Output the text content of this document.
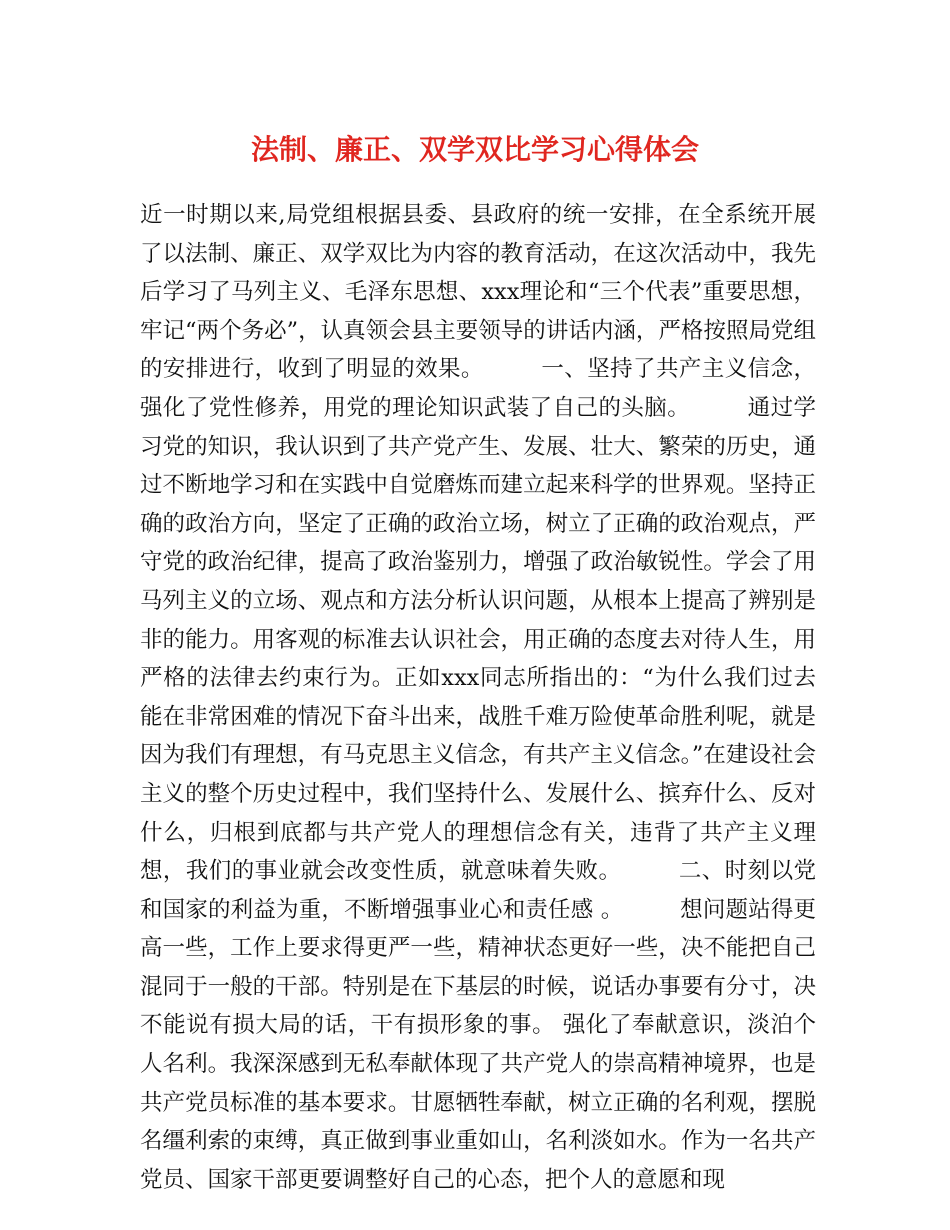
法制、廉正、双学双比学习心得体会

近一时期以来,局党组根据县委、县政府的统一安排，在全系统开展了以法制、廉正、双学双比为内容的教育活动，在这次活动中，我先后学习了马列主义、毛泽东思想、xxx理论和“三个代表”重要思想，牢记“两个务必”，认真领会县主要领导的讲话内涵，严格按照局党组的安排进行，收到了明显的效果。　　　一、坚持了共产主义信念，强化了党性修养，用党的理论知识武装了自己的头脑。　　　通过学习党的知识，我认识到了共产党产生、发展、壮大、繁荣的历史，通过不断地学习和在实践中自觉磨炼而建立起来科学的世界观。坚持正确的政治方向，坚定了正确的政治立场，树立了正确的政治观点，严守党的政治纪律，提高了政治鉴别力，增强了政治敏锐性。学会了用马列主义的立场、观点和方法分析认识问题，从根本上提高了辨别是非的能力。用客观的标准去认识社会，用正确的态度去对待人生，用严格的法律去约束行为。正如xxx同志所指出的：“为什么我们过去能在非常困难的情况下奋斗出来，战胜千难万险使革命胜利呢，就是因为我们有理想，有马克思主义信念，有共产主义信念。”在建设社会主义的整个历史过程中，我们坚持什么、发展什么、摈弃什么、反对什么，归根到底都与共产党人的理想信念有关，违背了共产主义理想，我们的事业就会改变性质，就意味着失败。　　　二、时刻以党和国家的利益为重，不断增强事业心和责任感 。　　　想问题站得更高一些，工作上要求得更严一些，精神状态更好一些，决不能把自己混同于一般的干部。特别是在下基层的时候，说话办事要有分寸，决不能说有损大局的话，干有损形象的事。 强化了奉献意识，淡泊个人名利。我深深感到无私奉献体现了共产党人的崇高精神境界，也是共产党员标准的基本要求。甘愿牺牲奉献，树立正确的名利观，摆脱名缰利索的束缚，真正做到事业重如山，名利淡如水。作为一名共产党员、国家干部更要调整好自己的心态，把个人的意愿和现
